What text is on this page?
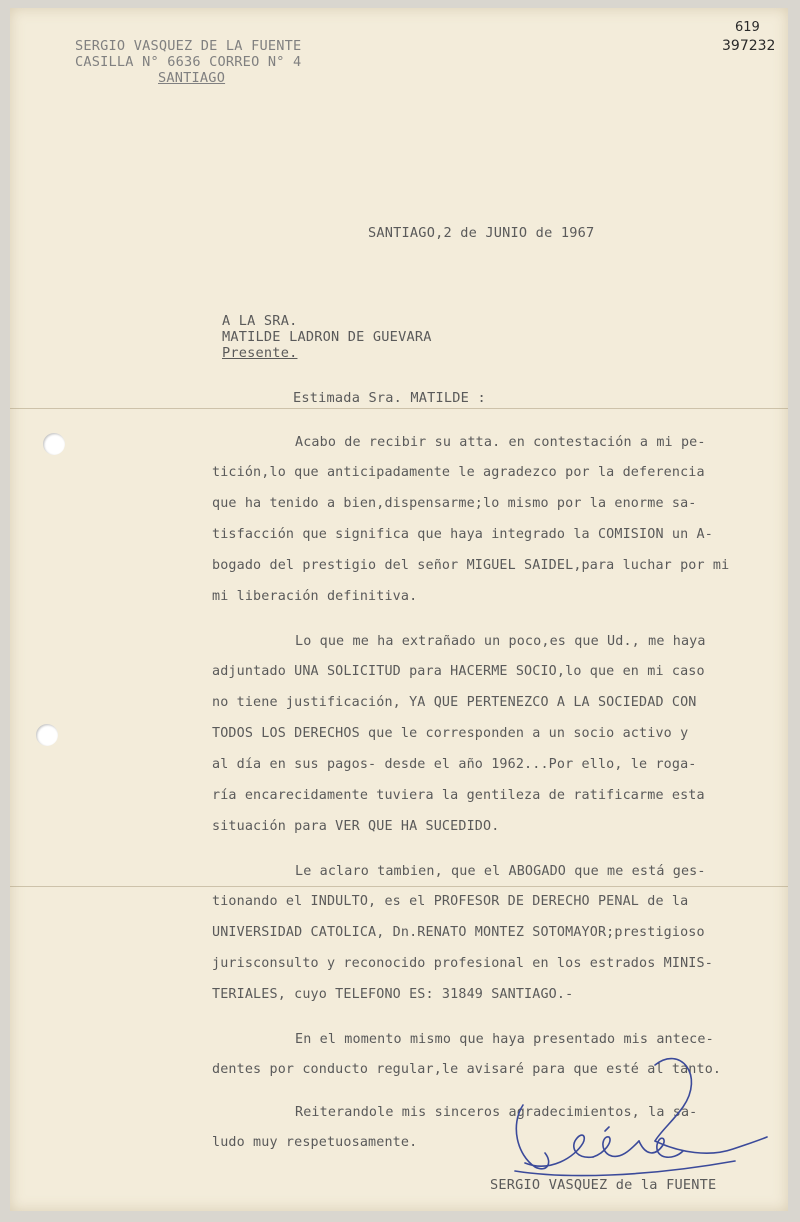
619
397232
SERGIO VASQUEZ DE LA FUENTE
CASILLA N° 6636 CORREO N° 4
SANTIAGO
SANTIAGO,2 de JUNIO de 1967
A LA SRA.
MATILDE LADRON DE GUEVARA
Presente.
Estimada Sra. MATILDE :
Acabo de recibir su atta. en contestación a mi pe-
tición,lo que anticipadamente le agradezco por la deferencia
que ha tenido a bien,dispensarme;lo mismo por la enorme sa-
tisfacción que significa que haya integrado la COMISION un A-
bogado del prestigio del señor MIGUEL SAIDEL,para luchar por mi
mi liberación definitiva.
Lo que me ha extrañado un poco,es que Ud., me haya
adjuntado UNA SOLICITUD para HACERME SOCIO,lo que en mi caso
no tiene justificación, YA QUE PERTENEZCO A LA SOCIEDAD CON
TODOS LOS DERECHOS que le corresponden a un socio activo y
al día en sus pagos- desde el año 1962...Por ello, le roga-
ría encarecidamente tuviera la gentileza de ratificarme esta
situación para VER QUE HA SUCEDIDO.
Le aclaro tambien, que el ABOGADO que me está ges-
tionando el INDULTO, es el PROFESOR DE DERECHO PENAL de la
UNIVERSIDAD CATOLICA, Dn.RENATO MONTEZ SOTOMAYOR;prestigioso
jurisconsulto y reconocido profesional en los estrados MINIS-
TERIALES, cuyo TELEFONO ES: 31849 SANTIAGO.-
En el momento mismo que haya presentado mis antece-
dentes por conducto regular,le avisaré para que esté al tanto.
Reiterandole mis sinceros agradecimientos, la sa-
ludo muy respetuosamente.
SERGIO VASQUEZ de la FUENTE
